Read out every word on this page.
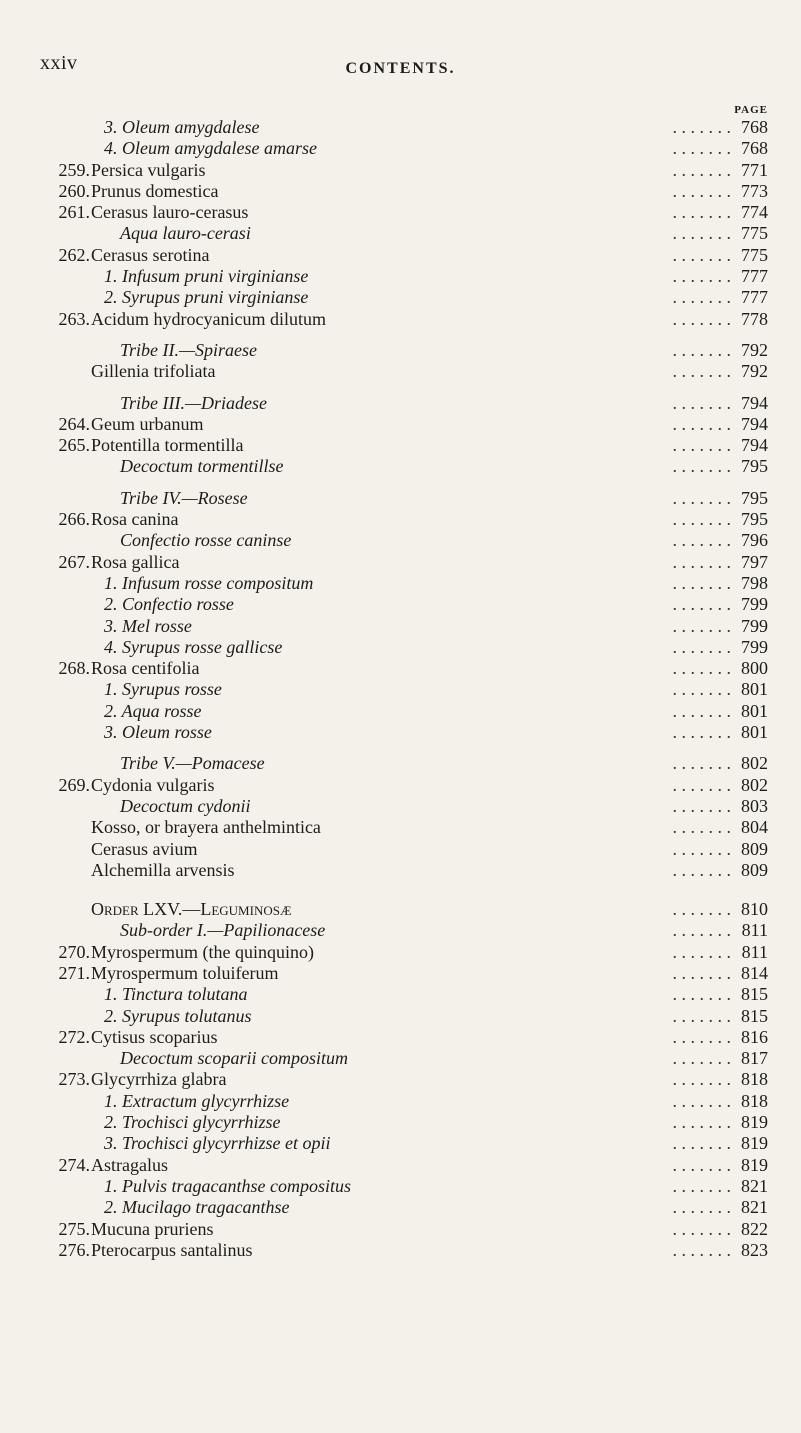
xxiv	CONTENTS.
PAGE
3. Oleum amygdalese	. . . . . . . 768
4. Oleum amygdalese amarse	. . . . . . . 768
259. Persica vulgaris	. . . . . . . 771
260. Prunus domestica	. . . . . . . 773
261. Cerasus lauro-cerasus	. . . . . . . 774
Aqua lauro-cerasi	. . . . . . . 775
262. Cerasus serotina	. . . . . . . 775
1. Infusum pruni virginianse	. . . . . . . 777
2. Syrupus pruni virginianse	. . . . . . . 777
263. Acidum hydrocyanicum dilutum	. . . . . . . 778
Tribe II.—Spiraese	. . . . . . . 792
Gillenia trifoliata	. . . . . . . 792
Tribe III.—Driadese	. . . . . . . 794
264. Geum urbanum	. . . . . . . 794
265. Potentilla tormentilla	. . . . . . . 794
Decoctum tormentillse	. . . . . . . 795
Tribe IV.—Rosese	. . . . . . . 795
266. Rosa canina	. . . . . . . 795
Confectio rosse caninse	. . . . . . . 796
267. Rosa gallica	. . . . . . . 797
1. Infusum rosse compositum	. . . . . . . 798
2. Confectio rosse	. . . . . . . 799
3. Mel rosse	. . . . . . . 799
4. Syrupus rosse gallicse	. . . . . . . 799
268. Rosa centifolia	. . . . . . . 800
1. Syrupus rosse	. . . . . . . 801
2. Aqua rosse	. . . . . . . 801
3. Oleum rosse	. . . . . . . 801
Tribe V.—Pomacese	. . . . . . . 802
269. Cydonia vulgaris	. . . . . . . 802
Decoctum cydonii	. . . . . . . 803
Kosso, or brayera anthelmintica	. . . . . . . 804
Cerasus avium	. . . . . . . 809
Alchemilla arvensis	. . . . . . . 809
Order LXV.—Leguminosæ	. . . . . . . 810
Sub-order I.—Papilionacese	. . . . . . . 811
270. Myrospermum (the quinquino)	. . . . . . . 811
271. Myrospermum toluiferum	. . . . . . . 814
1. Tinctura tolutana	. . . . . . . 815
2. Syrupus tolutanus	. . . . . . . 815
272. Cytisus scoparius	. . . . . . . 816
Decoctum scoparii compositum	. . . . . . . 817
273. Glycyrrhiza glabra	. . . . . . . 818
1. Extractum glycyrrhizse	. . . . . . . 818
2. Trochisci glycyrrhizse	. . . . . . . 819
3. Trochisci glycyrrhizse et opii	. . . . . . . 819
274. Astragalus	. . . . . . . 819
1. Pulvis tragacanthse compositus	. . . . . . . 821
2. Mucilago tragacanthse	. . . . . . . 821
275. Mucuna pruriens	. . . . . . . 822
276. Pterocarpus santalinus	. . . . . . . 823
